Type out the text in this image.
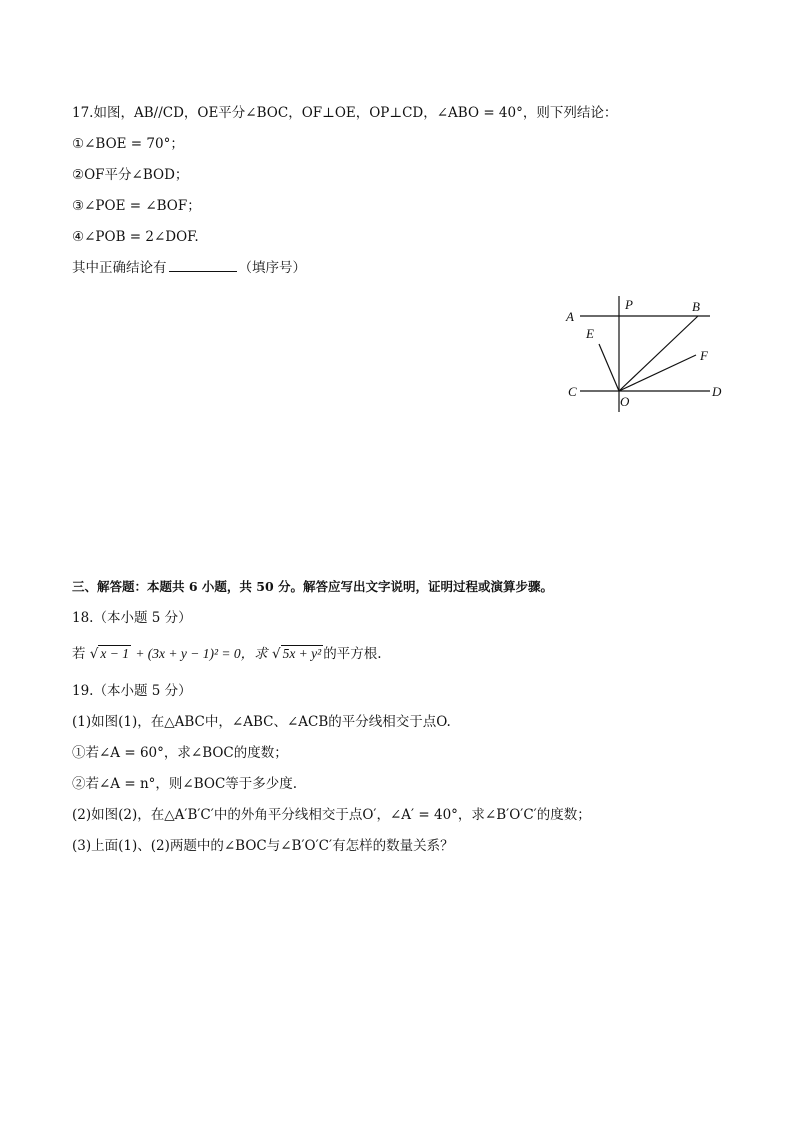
17.如图，AB//CD，OE平分∠BOC，OF⊥OE，OP⊥CD，∠ABO = 40°，则下列结论：
①∠BOE = 70°；
②OF平分∠BOD；
③∠POE = ∠BOF；
④∠POB = 2∠DOF.
其中正确结论有	（填序号）
A
P	B
E
F
C
O
D
三、解答题：本题共 6 小题，共 50 分。解答应写出文字说明，证明过程或演算步骤。
18.（本小题 5 分）
若 √ x − 1 + (3x + y − 1)² = 0，求 √ 5x + y² 的平方根.
19.（本小题 5 分）
(1)如图(1)，在△ABC中，∠ABC、∠ACB的平分线相交于点O.
①若∠A = 60°，求∠BOC的度数；
②若∠A = n°，则∠BOC等于多少度.
(2)如图(2)，在△A′B′C′中的外角平分线相交于点O′，∠A′ = 40°，求∠B′O′C′的度数；
(3)上面(1)、(2)两题中的∠BOC与∠B′O′C′有怎样的数量关系？
